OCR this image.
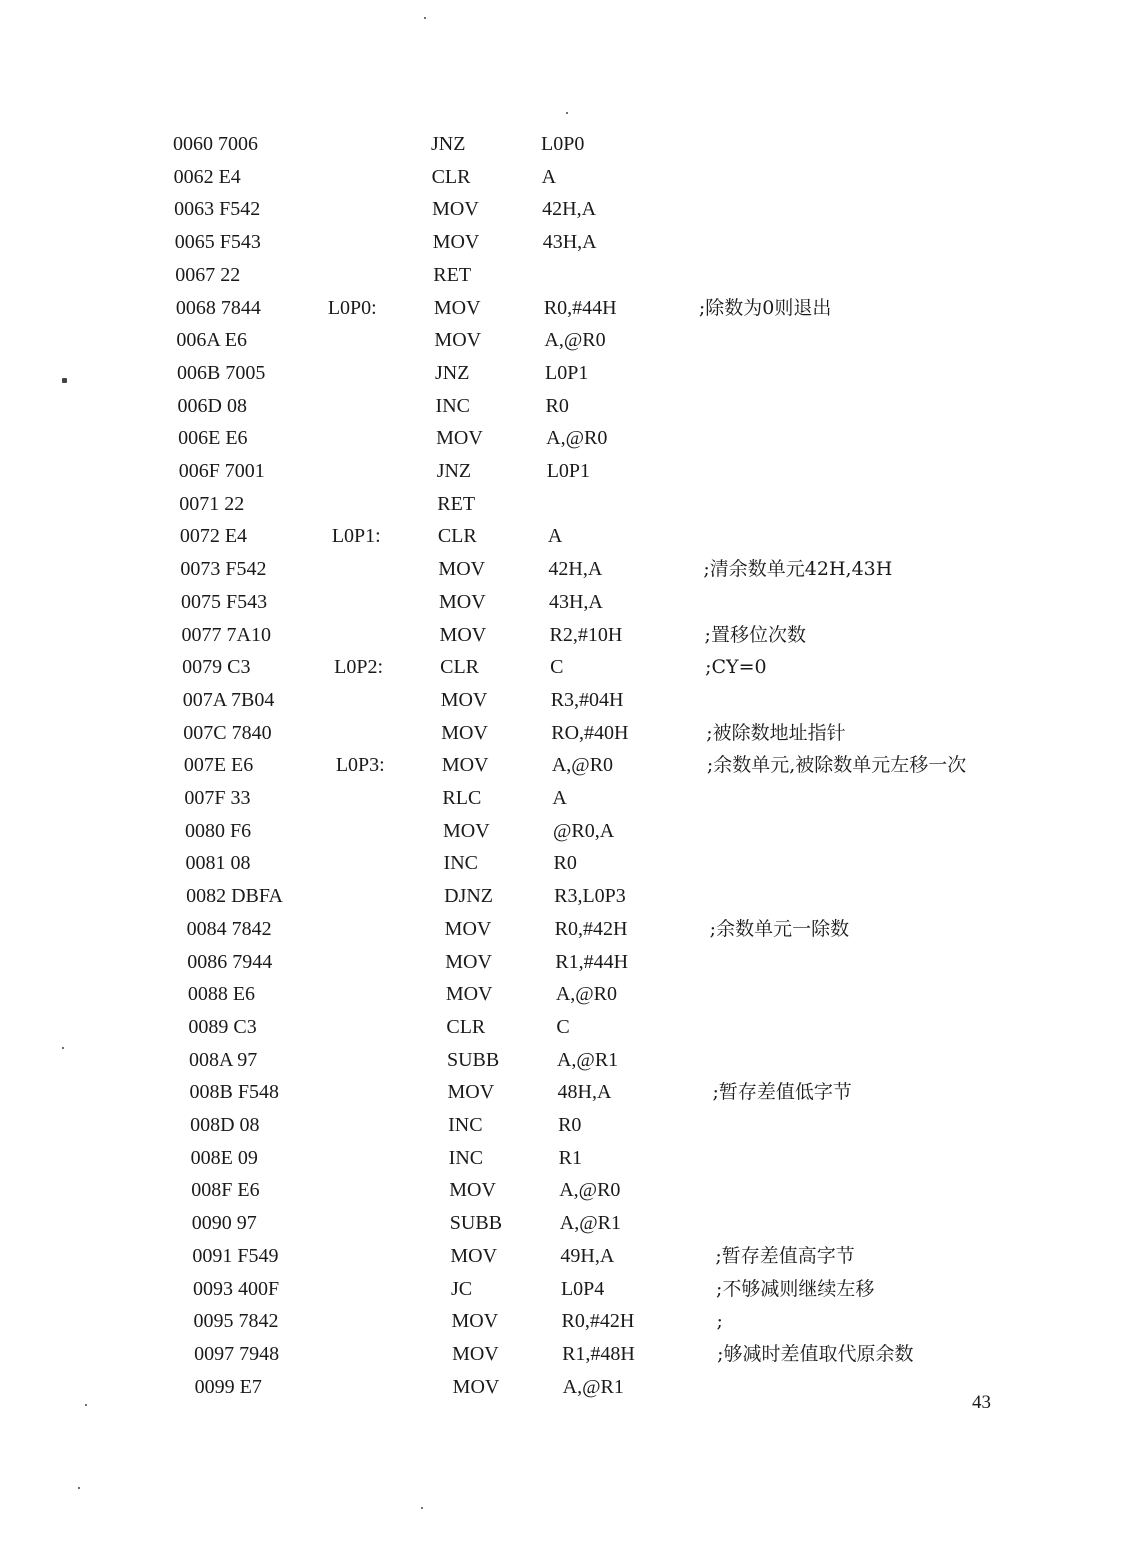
0060 7006	JNZ	L0P0
0062 E4	CLR	A
0063 F542	MOV	42H,A
0065 F543	MOV	43H,A
0067 22	RET
0068 7844	L0P0:	MOV	R0,#44H	;除数为0则退出
006A E6	MOV	A,@R0
006B 7005	JNZ	L0P1
006D 08	INC	R0
006E E6	MOV	A,@R0
006F 7001	JNZ	L0P1
0071 22	RET
0072 E4	L0P1:	CLR	A
0073 F542	MOV	42H,A	;清余数单元42H,43H
0075 F543	MOV	43H,A
0077 7A10	MOV	R2,#10H	;置移位次数
0079 C3	L0P2:	CLR	C	;CY=0
007A 7B04	MOV	R3,#04H
007C 7840	MOV	RO,#40H	;被除数地址指针
007E E6	L0P3:	MOV	A,@R0	;余数单元,被除数单元左移一次
007F 33	RLC	A
0080 F6	MOV	@R0,A
0081 08	INC	R0
0082 DBFA	DJNZ	R3,L0P3
0084 7842	MOV	R0,#42H	;余数单元一除数
0086 7944	MOV	R1,#44H
0088 E6	MOV	A,@R0
0089 C3	CLR	C
008A 97	SUBB	A,@R1
008B F548	MOV	48H,A	;暂存差值低字节
008D 08	INC	R0
008E 09	INC	R1
008F E6	MOV	A,@R0
0090 97	SUBB	A,@R1
0091 F549	MOV	49H,A	;暂存差值高字节
0093 400F	JC	L0P4	;不够减则继续左移
0095 7842	MOV	R0,#42H	;
0097 7948	MOV	R1,#48H	;够减时差值取代原余数
0099 E7	MOV	A,@R1
43
